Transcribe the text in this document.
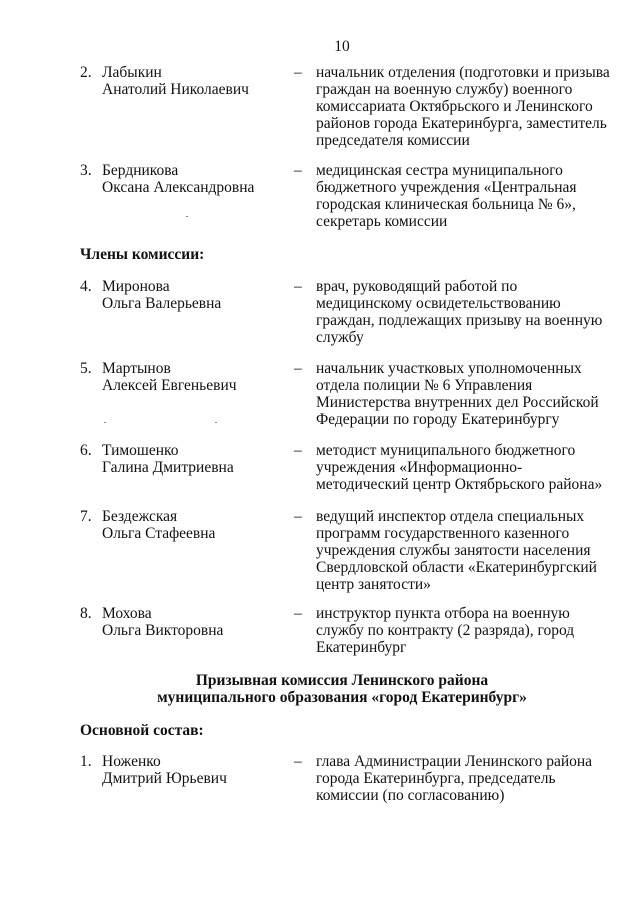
10
2. Лабыкин
Анатолий Николаевич
– начальник отделения (подготовки и призыва граждан на военную службу) военного комиссариата Октябрьского и Ленинского районов города Екатеринбурга, заместитель председателя комиссии
3. Бердникова
Оксана Александровна
– медицинская сестра муниципального бюджетного учреждения «Центральная городская клиническая больница № 6», секретарь комиссии
Члены комиссии:
4. Миронова
Ольга Валерьевна
– врач, руководящий работой по медицинскому освидетельствованию граждан, подлежащих призыву на военную службу
5. Мартынов
Алексей Евгеньевич
– начальник участковых уполномоченных отдела полиции № 6 Управления Министерства внутренних дел Российской Федерации по городу Екатеринбургу
6. Тимошенко
Галина Дмитриевна
– методист муниципального бюджетного учреждения «Информационно-методический центр Октябрьского района»
7. Бездежская
Ольга Стафеевна
– ведущий инспектор отдела специальных программ государственного казенного учреждения службы занятости населения Свердловской области «Екатеринбургский центр занятости»
8. Мохова
Ольга Викторовна
– инструктор пункта отбора на военную службу по контракту (2 разряда), город Екатеринбург
Призывная комиссия Ленинского района
муниципального образования «город Екатеринбург»
Основной состав:
1. Ноженко
Дмитрий Юрьевич
– глава Администрации Ленинского района города Екатеринбурга, председатель комиссии (по согласованию)
